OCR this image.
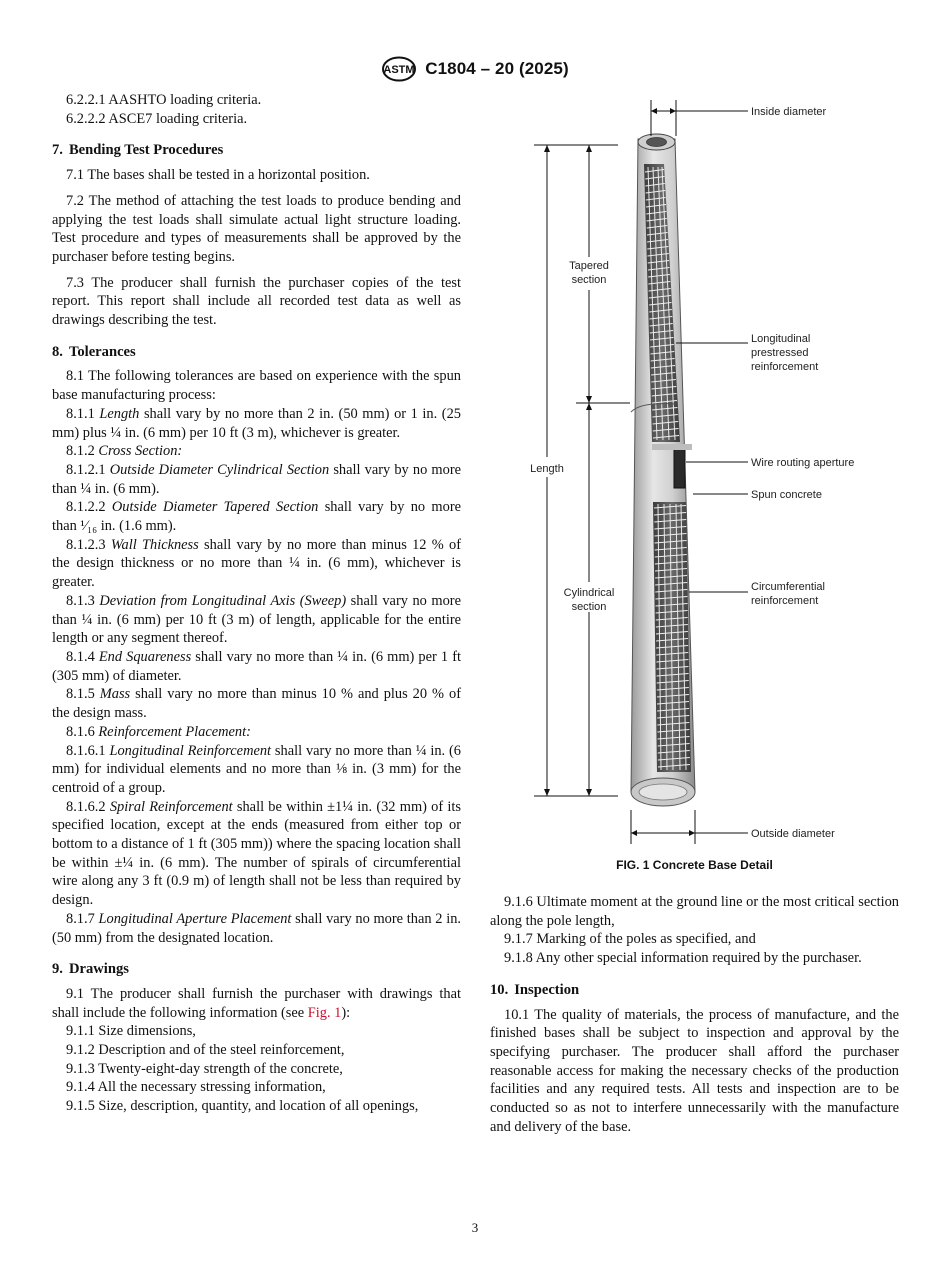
ASTM C1804 – 20 (2025)

6.2.2.1 AASHTO loading criteria.

6.2.2.2 ASCE7 loading criteria.

7. Bending Test Procedures

7.1 The bases shall be tested in a horizontal position.

7.2 The method of attaching the test loads to produce bending and applying the test loads shall simulate actual light structure loading. Test procedure and types of measurements shall be approved by the purchaser before testing begins.

7.3 The producer shall furnish the purchaser copies of the test report. This report shall include all recorded test data as well as drawings describing the test.

8. Tolerances

8.1 The following tolerances are based on experience with the spun base manufacturing process:

8.1.1 Length shall vary by no more than 2 in. (50 mm) or 1 in. (25 mm) plus ¼ in. (6 mm) per 10 ft (3 m), whichever is greater.

8.1.2 Cross Section:

8.1.2.1 Outside Diameter Cylindrical Section shall vary by no more than ¼ in. (6 mm).

8.1.2.2 Outside Diameter Tapered Section shall vary by no more than ¹⁄₁₆ in. (1.6 mm).

8.1.2.3 Wall Thickness shall vary by no more than minus 12 % of the design thickness or no more than ¼ in. (6 mm), whichever is greater.

8.1.3 Deviation from Longitudinal Axis (Sweep) shall vary no more than ¼ in. (6 mm) per 10 ft (3 m) of length, applicable for the entire length or any segment thereof.

8.1.4 End Squareness shall vary no more than ¼ in. (6 mm) per 1 ft (305 mm) of diameter.

8.1.5 Mass shall vary no more than minus 10 % and plus 20 % of the design mass.

8.1.6 Reinforcement Placement:

8.1.6.1 Longitudinal Reinforcement shall vary no more than ¼ in. (6 mm) for individual elements and no more than ⅛ in. (3 mm) for the centroid of a group.

8.1.6.2 Spiral Reinforcement shall be within ±1¼ in. (32 mm) of its specified location, except at the ends (measured from either top or bottom to a distance of 1 ft (305 mm)) where the spacing location shall be within ±¼ in. (6 mm). The number of spirals of circumferential wire along any 3 ft (0.9 m) of length shall not be less than required by design.

8.1.7 Longitudinal Aperture Placement shall vary no more than 2 in. (50 mm) from the designated location.

9. Drawings

9.1 The producer shall furnish the purchaser with drawings that shall include the following information (see Fig. 1):

9.1.1 Size dimensions,

9.1.2 Description and of the steel reinforcement,

9.1.3 Twenty-eight-day strength of the concrete,

9.1.4 All the necessary stressing information,

9.1.5 Size, description, quantity, and location of all openings,

Inside diameter
Tapered
section
Longitudinal
prestressed
reinforcement
Length	Wire routing aperture
Spun concrete
Cylindrical
section
Circumferential
reinforcement
Outside diameter
FIG. 1 Concrete Base Detail

9.1.6 Ultimate moment at the ground line or the most critical section along the pole length,

9.1.7 Marking of the poles as specified, and

9.1.8 Any other special information required by the purchaser.

10. Inspection

10.1 The quality of materials, the process of manufacture, and the finished bases shall be subject to inspection and approval by the specifying purchaser. The producer shall afford the purchaser reasonable access for making the necessary checks of the production facilities and any required tests. All tests and inspection are to be conducted so as not to interfere unnecessarily with the manufacture and delivery of the base.

3
